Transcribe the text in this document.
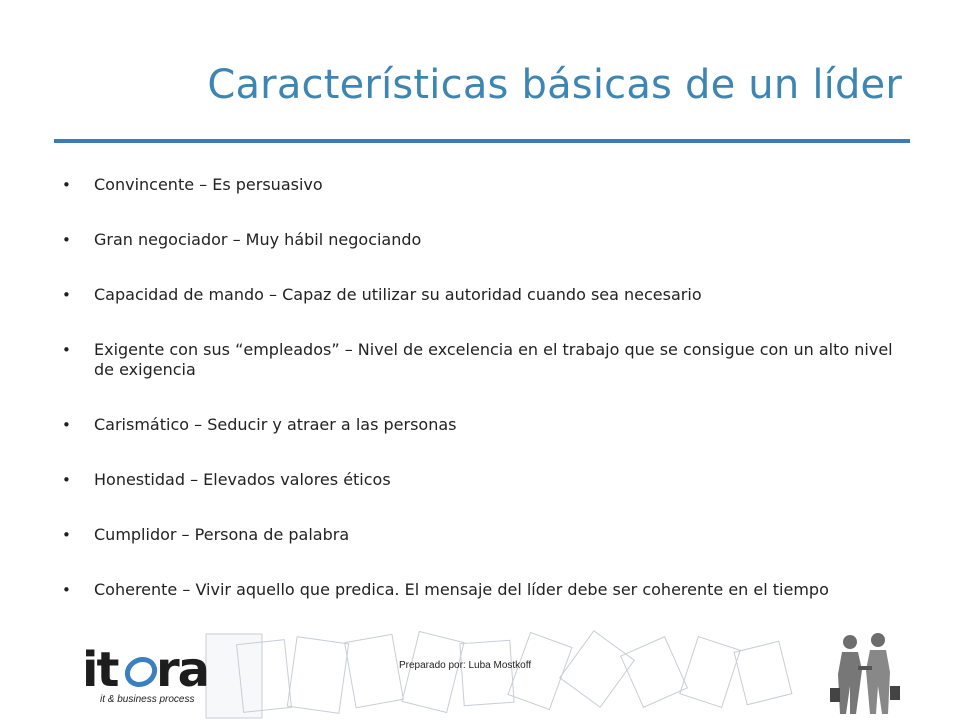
Características básicas de un líder
• Convincente – Es persuasivo
• Gran negociador – Muy hábil negociando
• Capacidad de mando – Capaz de utilizar su autoridad cuando sea necesario
• Exigente con sus “empleados” – Nivel de excelencia en el trabajo que se consigue con un alto nivel de exigencia
• Carismático – Seducir y atraer a las personas
• Honestidad – Elevados valores éticos
• Cumplidor – Persona de palabra
• Coherente – Vivir aquello que predica. El mensaje del líder debe ser coherente en el tiempo
it ra
it & business process
Preparado por: Luba Mostkoff
